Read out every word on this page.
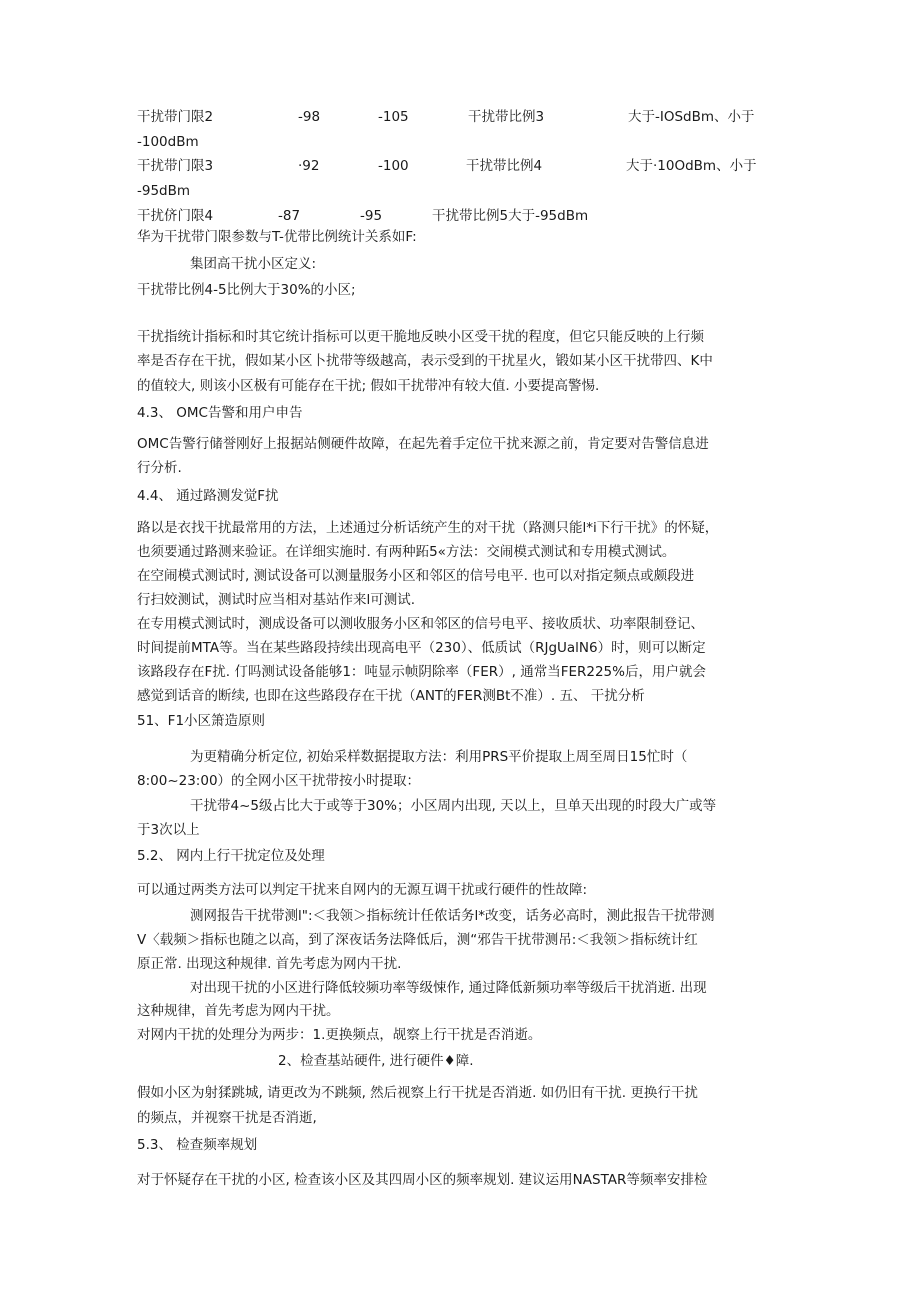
干扰带门限2	-98	-105	干扰带比例3	大于-IOSdBm、小于
-100dBm
干扰带门限3	·92	-100	干扰带比例4	大于·10OdBm、小于
-95dBm
干扰侪门限4	-87	-95	干扰带比例5大于-95dBm
华为干扰带门限参数与T-优带比例统计关系如F:
集团高干扰小区定义:
干扰带比例4-5比例大于30%的小区;
干扰指统计指标和时其它统计指标可以更干脆地反映小区受干扰的程度，但它只能反映的上行频
率是否存在干扰，假如某小区卜扰带等级越高，表示受到的干扰星火，锻如某小区干扰带四、K中
的值较大, 则该小区极有可能存在干扰; 假如干扰带冲有较大值. 小要提高警惕.
4.3、 OMC告警和用户申告
OMC告警行储誉刚好上报据站侧硬件故障，在起先着手定位干扰来源之前，肯定要对告警信息进
行分析.
4.4、 通过路测发觉F扰
路以是衣找干扰最常用的方法，上述通过分析话统产生的对干扰（路测只能l*i下行干扰》的怀疑，
也须要通过路测来验证。在详细实施时. 有两种跖5«方法：交闹模式测试和专用模式测试。
在空闹模式测试时, 测试设备可以测量服务小区和邻区的信号电平. 也可以对指定频点或颇段进
行扫姣测试，测试时应当相对基站作来l可测试.
在专用模式测试时，测成设备可以测收服务小区和邻区的信号电平、接收质状、功率限制登记、
时间提前MTA等。当在某些路段持续出现高电平（230）、低质试（RJgUalN6）时，则可以断定
该路段存在F扰. 仃吗测试设备能够1：吨显示帧阴除率（FER）, 通常当FER225%后，用户就会
感觉到话音的断续, 也即在这些路段存在干扰（ANT的FER测Bt不准）. 五、 干扰分析
51、F1小区箫造原则
为更精确分析定位, 初始采样数据提取方法：利用PRS平价提取上周至周日15忙时（
8:00~23:00）的全网小区干扰带按小时提取：
干扰带4~5级占比大于或等于30%；小区周内出现, 天以上，旦单天出现的时段大广或等
于3次以上
5.2、 网内上行干扰定位及处理
可以通过两类方法可以判定干扰来自网内的无源互调干扰或行硬件的性故障:
测网报告干扰带测l":＜我领＞指标统计任侬话务l*改变，话务必高时，测此报告干扰带测
V〈载频＞指标也随之以高，到了深夜话务法降低后，测“邪告干扰带测吊:＜我领＞指标统计红
原正常. 出现这种规律. 首先考虑为网内干扰.
对出现干扰的小区进行降低较频功率等级悚作, 通过降低新频功率等级后干扰消逝. 出现
这种规律，首先考虑为网内干扰。
对网内干扰的处理分为两步：1.更换频点，觇察上行干扰是否消逝。
2、检查基站硬件, 进行硬件♦障.
假如小区为射猱跳城, 请更改为不跳频, 然后视察上行干扰是否消逝. 如仍旧有干扰. 更换行干扰
的频点，并视察干扰是否消逝,
5.3、 检查频率规划
对于怀疑存在干扰的小区, 检查该小区及其四周小区的频率规划. 建议运用NASTAR等频率安排检
